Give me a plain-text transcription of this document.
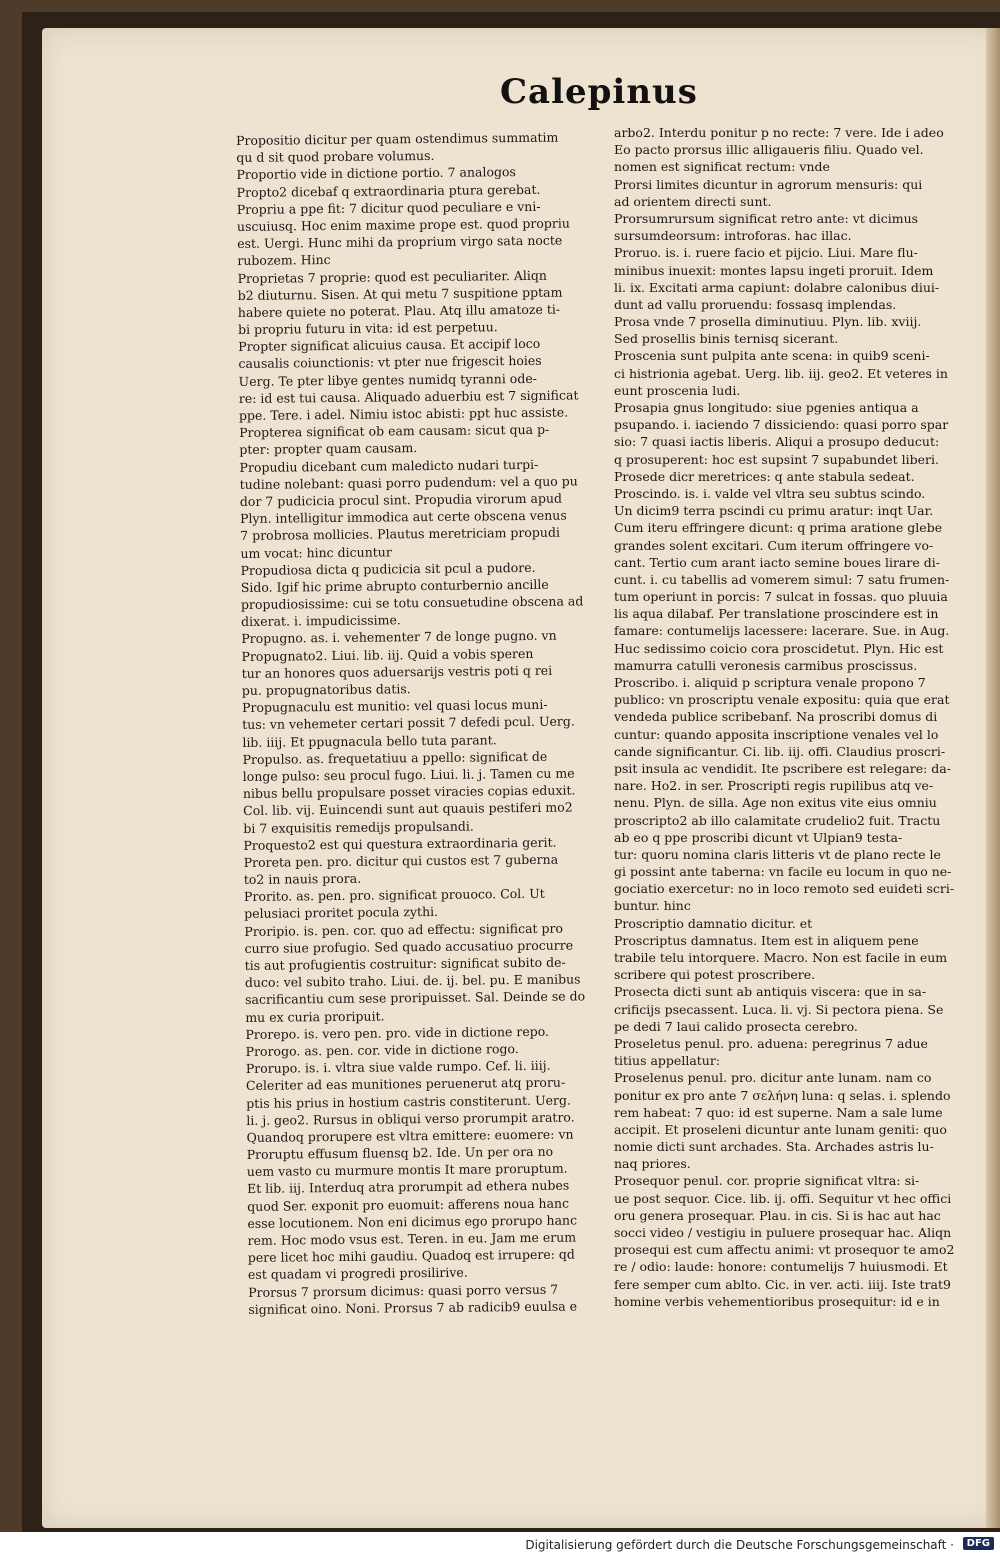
Calepinus
Propositio dicitur per quam ostendimus summatim
qu d sit quod probare volumus.
Proportio vide in dictione portio. 7 analogos
Propto2 dicebaf q extraordinaria ptura gerebat.
Propriu a ppe fit: 7 dicitur quod peculiare e vni-
uscuiusq. Hoc enim maxime prope est. quod propriu
est. Uergi. Hunc mihi da proprium virgo sata nocte
rubozem. Hinc
Proprietas 7 proprie: quod est peculiariter. Aliqn
b2 diuturnu. Sisen. At qui metu 7 suspitione pptam
habere quiete no poterat. Plau. Atq illu amatoze ti-
bi propriu futuru in vita: id est perpetuu.
Propter significat alicuius causa. Et accipif loco
causalis coiunctionis: vt pter nue frigescit hoies
Uerg. Te pter libye gentes numidq tyranni ode-
re: id est tui causa. Aliquado aduerbiu est 7 significat
ppe. Tere. i adel. Nimiu istoc abisti: ppt huc assiste.
Propterea significat ob eam causam: sicut qua p-
pter: propter quam causam.
Propudiu dicebant cum maledicto nudari turpi-
tudine nolebant: quasi porro pudendum: vel a quo pu
dor 7 pudicicia procul sint. Propudia virorum apud
Plyn. intelligitur immodica aut certe obscena venus
7 probrosa mollicies. Plautus meretriciam propudi
um vocat: hinc dicuntur
Propudiosa dicta q pudicicia sit pcul a pudore.
Sido. Igif hic prime abrupto conturbernio ancille
propudiosissime: cui se totu consuetudine obscena ad
dixerat. i. impudicissime.
Propugno. as. i. vehementer 7 de longe pugno. vn
Propugnato2. Liui. lib. iij. Quid a vobis speren
tur an honores quos aduersarijs vestris poti q rei
pu. propugnatoribus datis.
Propugnaculu est munitio: vel quasi locus muni-
tus: vn vehemeter certari possit 7 defedi pcul. Uerg.
lib. iiij. Et ppugnacula bello tuta parant.
Propulso. as. frequetatiuu a ppello: significat de
longe pulso: seu procul fugo. Liui. li. j. Tamen cu me
nibus bellu propulsare posset viracies copias eduxit.
Col. lib. vij. Euincendi sunt aut quauis pestiferi mo2
bi 7 exquisitis remedijs propulsandi.
Proquesto2 est qui questura extraordinaria gerit.
Proreta pen. pro. dicitur qui custos est 7 guberna
to2 in nauis prora.
Prorito. as. pen. pro. significat prouoco. Col. Ut
pelusiaci proritet pocula zythi.
Proripio. is. pen. cor. quo ad effectu: significat pro
curro siue profugio. Sed quado accusatiuo procurre
tis aut profugientis costruitur: significat subito de-
duco: vel subito traho. Liui. de. ij. bel. pu. E manibus
sacrificantiu cum sese proripuisset. Sal. Deinde se do
mu ex curia proripuit.
Prorepo. is. vero pen. pro. vide in dictione repo.
Prorogo. as. pen. cor. vide in dictione rogo.
Prorupo. is. i. vltra siue valde rumpo. Cef. li. iiij.
Celeriter ad eas munitiones peruenerut atq proru-
ptis his prius in hostium castris constiterunt. Uerg.
li. j. geo2. Rursus in obliqui verso prorumpit aratro.
Quandoq prorupere est vltra emittere: euomere: vn
Proruptu effusum fluensq b2. Ide. Un per ora no
uem vasto cu murmure montis It mare proruptum.
Et lib. iij. Interduq atra prorumpit ad ethera nubes
quod Ser. exponit pro euomuit: afferens noua hanc
esse locutionem. Non eni dicimus ego prorupo hanc
rem. Hoc modo vsus est. Teren. in eu. Jam me erum
pere licet hoc mihi gaudiu. Quadoq est irrupere: qd
est quadam vi progredi prosilirive.
Prorsus 7 prorsum dicimus: quasi porro versus 7
significat oino. Noni. Prorsus 7 ab radicib9 euulsa e
arbo2. Interdu ponitur p no recte: 7 vere. Ide i adeo
Eo pacto prorsus illic alligaueris filiu. Quado vel.
nomen est significat rectum: vnde
Prorsi limites dicuntur in agrorum mensuris: qui
ad orientem directi sunt.
Prorsumrursum significat retro ante: vt dicimus
sursumdeorsum: introforas. hac illac.
Proruo. is. i. ruere facio et pijcio. Liui. Mare flu-
minibus inuexit: montes lapsu ingeti proruit. Idem
li. ix. Excitati arma capiunt: dolabre calonibus diui-
dunt ad vallu proruendu: fossasq implendas.
Prosa vnde 7 prosella diminutiuu. Plyn. lib. xviij.
Sed prosellis binis ternisq sicerant.
Proscenia sunt pulpita ante scena: in quib9 sceni-
ci histrionia agebat. Uerg. lib. iij. geo2. Et veteres in
eunt proscenia ludi.
Prosapia gnus longitudo: siue pgenies antiqua a
psupando. i. iaciendo 7 dissiciendo: quasi porro spar
sio: 7 quasi iactis liberis. Aliqui a prosupo deducut:
q prosuperent: hoc est supsint 7 supabundet liberi.
Prosede dicr meretrices: q ante stabula sedeat.
Proscindo. is. i. valde vel vltra seu subtus scindo.
Un dicim9 terra pscindi cu primu aratur: inqt Uar.
Cum iteru effringere dicunt: q prima aratione glebe
grandes solent excitari. Cum iterum offringere vo-
cant. Tertio cum arant iacto semine boues lirare di-
cunt. i. cu tabellis ad vomerem simul: 7 satu frumen-
tum operiunt in porcis: 7 sulcat in fossas. quo pluuia
lis aqua dilabaf. Per translatione proscindere est in
famare: contumelijs lacessere: lacerare. Sue. in Aug.
Huc sedissimo coicio cora proscidetut. Plyn. Hic est
mamurra catulli veronesis carmibus proscissus.
Proscribo. i. aliquid p scriptura venale propono 7
publico: vn proscriptu venale expositu: quia que erat
vendeda publice scribebanf. Na proscribi domus di
cuntur: quando apposita inscriptione venales vel lo
cande significantur. Ci. lib. iij. offi. Claudius proscri-
psit insula ac vendidit. Ite pscribere est relegare: da-
nare. Ho2. in ser. Proscripti regis rupilibus atq ve-
nenu. Plyn. de silla. Age non exitus vite eius omniu
proscripto2 ab illo calamitate crudelio2 fuit. Tractu
ab eo q ppe proscribi dicunt vt Ulpian9 testa-
tur: quoru nomina claris litteris vt de plano recte le
gi possint ante taberna: vn facile eu locum in quo ne-
gociatio exercetur: no in loco remoto sed euideti scri-
buntur. hinc
Proscriptio damnatio dicitur. et
Proscriptus damnatus. Item est in aliquem pene
trabile telu intorquere. Macro. Non est facile in eum
scribere qui potest proscribere.
Prosecta dicti sunt ab antiquis viscera: que in sa-
crificijs psecassent. Luca. li. vj. Si pectora piena. Se
pe dedi 7 laui calido prosecta cerebro.
Proseletus penul. pro. aduena: peregrinus 7 adue
titius appellatur:
Proselenus penul. pro. dicitur ante lunam. nam co
ponitur ex pro ante 7 σελήνη luna: q selas. i. splendo
rem habeat: 7 quo: id est superne. Nam a sale lume
accipit. Et proseleni dicuntur ante lunam geniti: quo
nomie dicti sunt archades. Sta. Archades astris lu-
naq priores.
Prosequor penul. cor. proprie significat vltra: si-
ue post sequor. Cice. lib. ij. offi. Sequitur vt hec offici
oru genera prosequar. Plau. in cis. Si is hac aut hac
socci video / vestigiu in puluere prosequar hac. Aliqn
prosequi est cum affectu animi: vt prosequor te amo2
re / odio: laude: honore: contumelijs 7 huiusmodi. Et
fere semper cum ablto. Cic. in ver. acti. iiij. Iste trat9
homine verbis vehementioribus prosequitur: id e in
Digitalisierung gefördert durch die Deutsche Forschungsgemeinschaft ·	DFG
